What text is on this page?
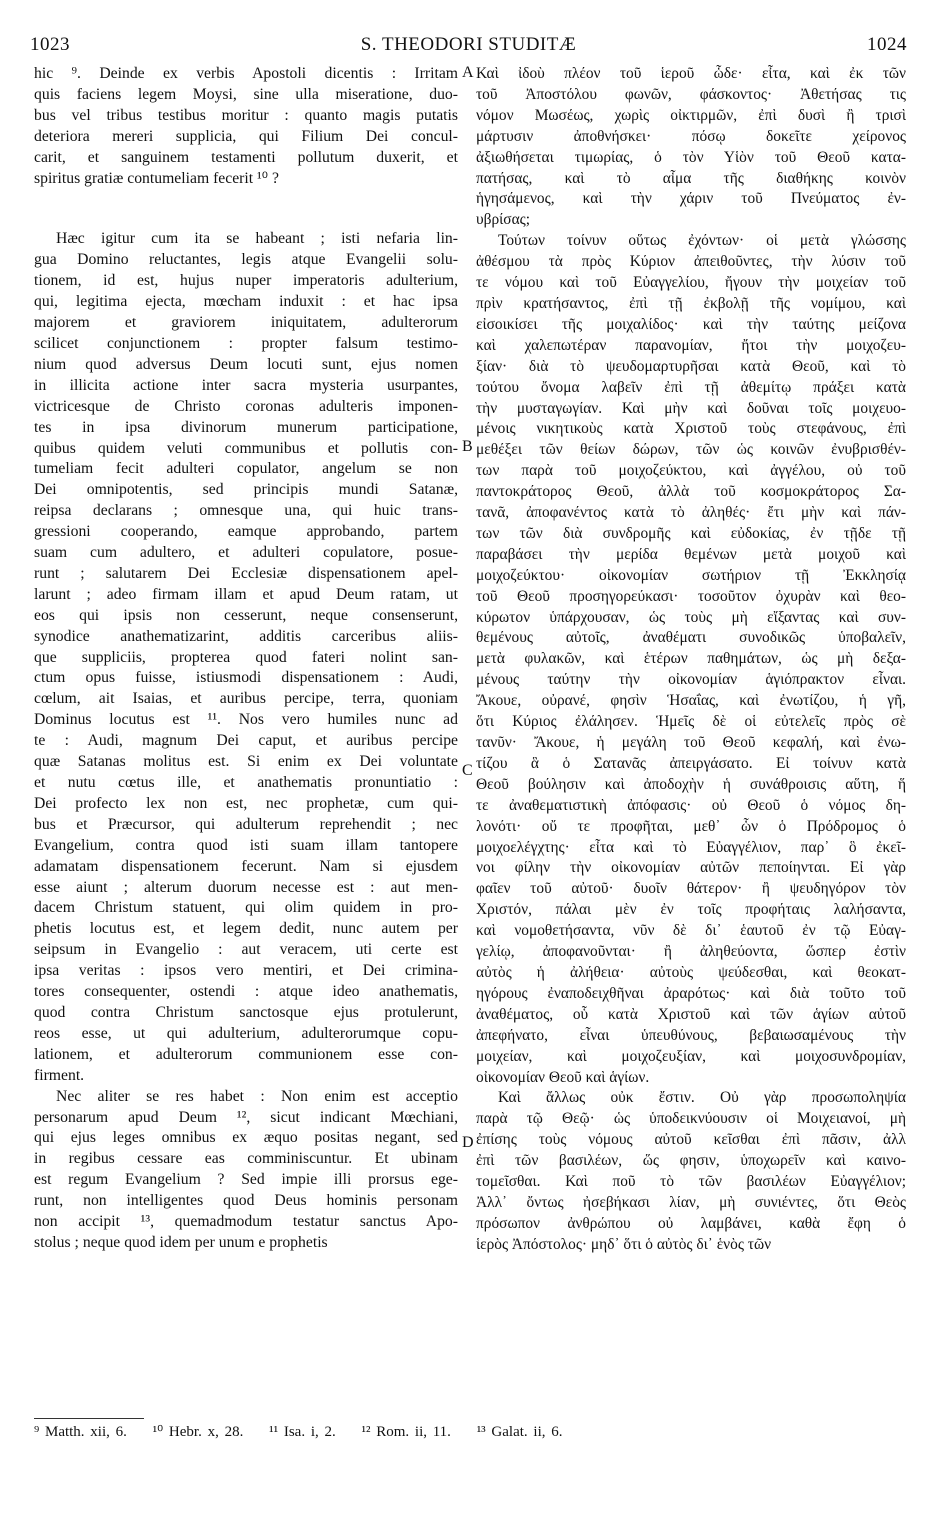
1023	S. THEODORI STUDITÆ	1024

hic ⁹. Deinde ex verbis Apostoli dicentis : Irritam
quis faciens legem Moysi, sine ulla miseratione, duo-
bus vel tribus testibus moritur : quanto magis putatis
deteriora mereri supplicia, qui Filium Dei concul-
carit, et sanguinem testamenti pollutum duxerit, et
spiritus gratiæ contumeliam fecerit ¹⁰ ?

Hæc igitur cum ita se habeant ; isti nefaria lin-
gua Domino reluctantes, legis atque Evangelii solu-
tionem, id est, hujus nuper imperatoris adulterium,
qui, legitima ejecta, mœcham induxit : et hac ipsa
majorem et graviorem iniquitatem, adulterorum
scilicet conjunctionem : propter falsum testimo-
nium quod adversus Deum locuti sunt, ejus nomen
in illicita actione inter sacra mysteria usurpantes,
victricesque de Christo coronas adulteris imponen-
tes in ipsa divinorum munerum participatione,
quibus quidem veluti communibus et pollutis con-
tumeliam fecit adulteri copulator, angelum se non
Dei omnipotentis, sed principis mundi Satanæ,
reipsa declarans ; omnesque una, qui huic trans-
gressioni cooperando, eamque approbando, partem
suam cum adultero, et adulteri copulatore, posue-
runt ; salutarem Dei Ecclesiæ dispensationem apel-
larunt ; adeo firmam illam et apud Deum ratam, ut
eos qui ipsis non cesserunt, neque consenserunt,
synodice anathematizarint, additis carceribus aliis-
que suppliciis, propterea quod fateri nolint san-
ctum opus fuisse, istiusmodi dispensationem : Audi,
cœlum, ait Isaias, et auribus percipe, terra, quoniam
Dominus locutus est ¹¹. Nos vero humiles nunc ad
te : Audi, magnum Dei caput, et auribus percipe
quæ Satanas molitus est. Si enim ex Dei voluntate
et nutu cœtus ille, et anathematis pronuntiatio :
Dei profecto lex non est, nec prophetæ, cum qui-
bus et Præcursor, qui adulterum reprehendit ; nec
Evangelium, contra quod isti suam illam tantopere
adamatam dispensationem fecerunt. Nam si ejusdem
esse aiunt ; alterum duorum necesse est : aut men-
dacem Christum statuent, qui olim quidem in pro-
phetis locutus est, et legem dedit, nunc autem per
seipsum in Evangelio : aut veracem, uti certe est
ipsa veritas : ipsos vero mentiri, et Dei crimina-
tores consequenter, ostendi : atque ideo anathematis,
quod contra Christum sanctosque ejus protulerunt,
reos esse, ut qui adulterium, adulterorumque copu-
lationem, et adulterorum communionem esse con-
firment.

Nec aliter se res habet : Non enim est acceptio
personarum apud Deum ¹², sicut indicant Mœchiani,
qui ejus leges omnibus ex æquo positas negant, sed
in regibus cessare eas comminiscuntur. Et ubinam
est regum Evangelium ? Sed impie illi prorsus ege-
runt, non intelligentes quod Deus hominis personam
non accipit ¹³, quemadmodum testatur sanctus Apo-
stolus ; neque quod idem per unum e prophetis

Καὶ ἰδοὺ πλέον τοῦ ἱεροῦ ὧδε· εἶτα, καὶ ἐκ τῶν
τοῦ Ἀποστόλου φωνῶν, φάσκοντος· Ἀθετήσας τις
νόμον Μωσέως, χωρὶς οἰκτιρμῶν, ἐπὶ δυσὶ ἢ τρισὶ
μάρτυσιν ἀποθνήσκει· πόσῳ δοκεῖτε χείρονος
ἀξιωθήσεται τιμωρίας, ὁ τὸν Υἱὸν τοῦ Θεοῦ κατα-
πατήσας, καὶ τὸ αἷμα τῆς διαθήκης κοινὸν
ἡγησάμενος, καὶ τὴν χάριν τοῦ Πνεύματος ἐν-
υβρίσας;

Τούτων τοίνυν οὕτως ἐχόντων· οἱ μετὰ γλώσσης
ἀθέσμου τὰ πρὸς Κύριον ἀπειθοῦντες, τὴν λύσιν τοῦ
τε νόμου καὶ τοῦ Εὐαγγελίου, ἤγουν τὴν μοιχείαν τοῦ
πρὶν κρατήσαντος, ἐπὶ τῇ ἐκβολῇ τῆς νομίμου, καὶ
εἰσοικίσει τῆς μοιχαλίδος· καὶ τὴν ταύτης μείζονα
καὶ χαλεπωτέραν παρανομίαν, ἤτοι τὴν μοιχοζευ-
ξίαν· διὰ τὸ ψευδομαρτυρῆσαι κατὰ Θεοῦ, καὶ τὸ
τούτου ὄνομα λαβεῖν ἐπὶ τῇ ἀθεμίτῳ πράξει κατὰ
τὴν μυσταγωγίαν. Καὶ μὴν καὶ δοῦναι τοῖς μοιχευο-
μένοις νικητικοὺς κατὰ Χριστοῦ τοὺς στεφάνους, ἐπὶ
μεθέξει τῶν θείων δώρων, τῶν ὡς κοινῶν ἐνυβρισθέν-
των παρὰ τοῦ μοιχοζεύκτου, καὶ ἀγγέλου, οὐ τοῦ
παντοκράτορος Θεοῦ, ἀλλὰ τοῦ κοσμοκράτορος Σα-
τανᾶ, ἀποφανέντος κατὰ τὸ ἀληθές· ἔτι μὴν καὶ πάν-
των τῶν διὰ συνδρομῆς καὶ εὐδοκίας, ἐν τῇδε τῇ
παραβάσει τὴν μερίδα θεμένων μετὰ μοιχοῦ καὶ
μοιχοζεύκτου· οἰκονομίαν σωτήριον τῇ Ἐκκλησίᾳ
τοῦ Θεοῦ προσηγορεύκασι· τοσοῦτον ὀχυρὰν καὶ θεο-
κύρωτον ὑπάρχουσαν, ὡς τοὺς μὴ εἴξαντας καὶ συν-
θεμένους αὐτοῖς, ἀναθέματι συνοδικῶς ὑποβαλεῖν,
μετὰ φυλακῶν, καὶ ἑτέρων παθημάτων, ὡς μὴ δεξα-
μένους ταύτην τὴν οἰκονομίαν ἁγιόπρακτον εἶναι.
Ἄκουε, οὐρανέ, φησὶν Ἡσαΐας, καὶ ἐνωτίζου, ἡ γῆ,
ὅτι Κύριος ἐλάλησεν. Ἡμεῖς δὲ οἱ εὐτελεῖς πρὸς σὲ
τανῦν· Ἄκουε, ἡ μεγάλη τοῦ Θεοῦ κεφαλή, καὶ ἐνω-
τίζου ἃ ὁ Σατανᾶς ἀπειργάσατο. Εἰ τοίνυν κατὰ
Θεοῦ βούλησιν καὶ ἀποδοχὴν ἡ συνάθροισις αὕτη, ἥ
τε ἀναθεματιστικὴ ἀπόφασις· οὐ Θεοῦ ὁ νόμος δη-
λονότι· οὔ τε προφῆται, μεθ᾽ ὧν ὁ Πρόδρομος ὁ
μοιχοελέγχτης· εἶτα καὶ τὸ Εὐαγγέλιον, παρ᾽ ὃ ἐκεῖ-
νοι φίλην τὴν οἰκονομίαν αὐτῶν πεποίηνται. Εἰ γὰρ
φαῖεν τοῦ αὐτοῦ· δυοῖν θάτερον· ἢ ψευδηγόρον τὸν
Χριστόν, πάλαι μὲν ἐν τοῖς προφήταις λαλήσαντα,
καὶ νομοθετήσαντα, νῦν δὲ δι᾽ ἑαυτοῦ ἐν τῷ Εὐαγ-
γελίῳ, ἀποφανοῦνται· ἢ ἀληθεύοντα, ὥσπερ ἐστὶν
αὐτὸς ἡ ἀλήθεια· αὐτοὺς ψεύδεσθαι, καὶ θεοκατ-
ηγόρους ἐναποδειχθῆναι ἀραρότως· καὶ διὰ τοῦτο τοῦ
ἀναθέματος, οὗ κατὰ Χριστοῦ καὶ τῶν ἁγίων αὐτοῦ
ἀπεφήνατο, εἶναι ὑπευθύνους, βεβαιωσαμένους τὴν
μοιχείαν, καὶ μοιχοζευξίαν, καὶ μοιχοσυνδρομίαν,
οἰκονομίαν Θεοῦ καὶ ἁγίων.

Καὶ ἄλλως οὐκ ἔστιν. Οὐ γὰρ προσωποληψία
παρὰ τῷ Θεῷ· ὡς ὑποδεικνύουσιν οἱ Μοιχειανοί, μὴ
ἐπίσης τοὺς νόμους αὐτοῦ κεῖσθαι ἐπὶ πᾶσιν, ἀλλ
ἐπὶ τῶν βασιλέων, ὥς φησιν, ὑποχωρεῖν καὶ καινο-
τομεῖσθαι. Καὶ ποῦ τὸ τῶν βασιλέων Εὐαγγέλιον;
Ἀλλ᾽ ὄντως ἠσεβήκασι λίαν, μὴ συνιέντες, ὅτι Θεὸς
πρόσωπον ἀνθρώπου οὐ λαμβάνει, καθὰ ἔφη ὁ
ἱερὸς Ἀπόστολος· μηδ᾽ ὅτι ὁ αὐτὸς δι᾽ ἑνὸς τῶν

A
B
C
D
⁹ Matth. xii, 6. ¹⁰ Hebr. x, 28. ¹¹ Isa. i, 2. ¹² Rom. ii, 11. ¹³ Galat. ii, 6.
